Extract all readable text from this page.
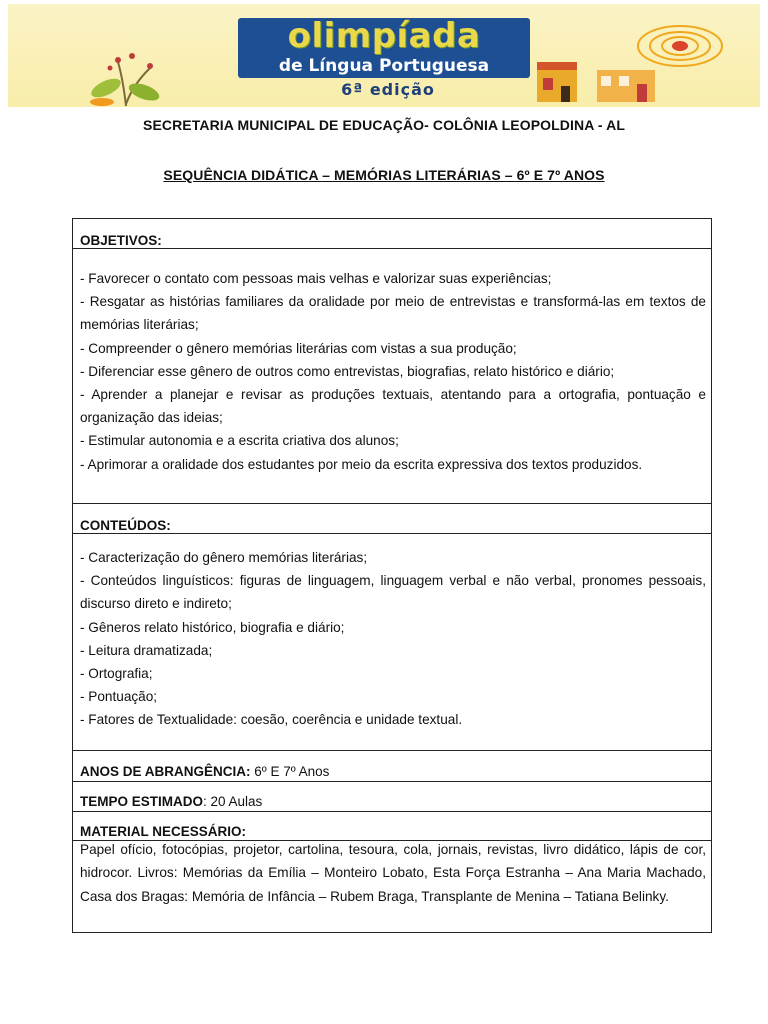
olimpíada
de Língua Portuguesa
6ª edição
SECRETARIA MUNICIPAL DE EDUCAÇÃO- COLÔNIA LEOPOLDINA - AL
SEQUÊNCIA DIDÁTICA – MEMÓRIAS LITERÁRIAS – 6º E 7º ANOS
OBJETIVOS:
- Favorecer o contato com pessoas mais velhas e valorizar suas experiências;
- Resgatar as histórias familiares da oralidade por meio de entrevistas e transformá-las em textos de memórias literárias;
- Compreender o gênero memórias literárias com vistas a sua produção;
- Diferenciar esse gênero de outros como entrevistas, biografias, relato histórico e diário;
- Aprender a planejar e revisar as produções textuais, atentando para a ortografia, pontuação e organização das ideias;
- Estimular autonomia e a escrita criativa dos alunos;
- Aprimorar a oralidade dos estudantes por meio da escrita expressiva dos textos produzidos.
CONTEÚDOS:
- Caracterização do gênero memórias literárias;
- Conteúdos linguísticos: figuras de linguagem, linguagem verbal e não verbal, pronomes pessoais, discurso direto e indireto;
- Gêneros relato histórico, biografia e diário;
- Leitura dramatizada;
- Ortografia;
- Pontuação;
- Fatores de Textualidade: coesão, coerência e unidade textual.
ANOS DE ABRANGÊNCIA: 6º E 7º Anos
TEMPO ESTIMADO: 20 Aulas
MATERIAL NECESSÁRIO:

Papel ofício, fotocópias, projetor, cartolina, tesoura, cola, jornais, revistas, livro didático, lápis de cor, hidrocor. Livros: Memórias da Emília – Monteiro Lobato, Esta Força Estranha – Ana Maria Machado, Casa dos Bragas: Memória de Infância – Rubem Braga, Transplante de Menina – Tatiana Belinky.
